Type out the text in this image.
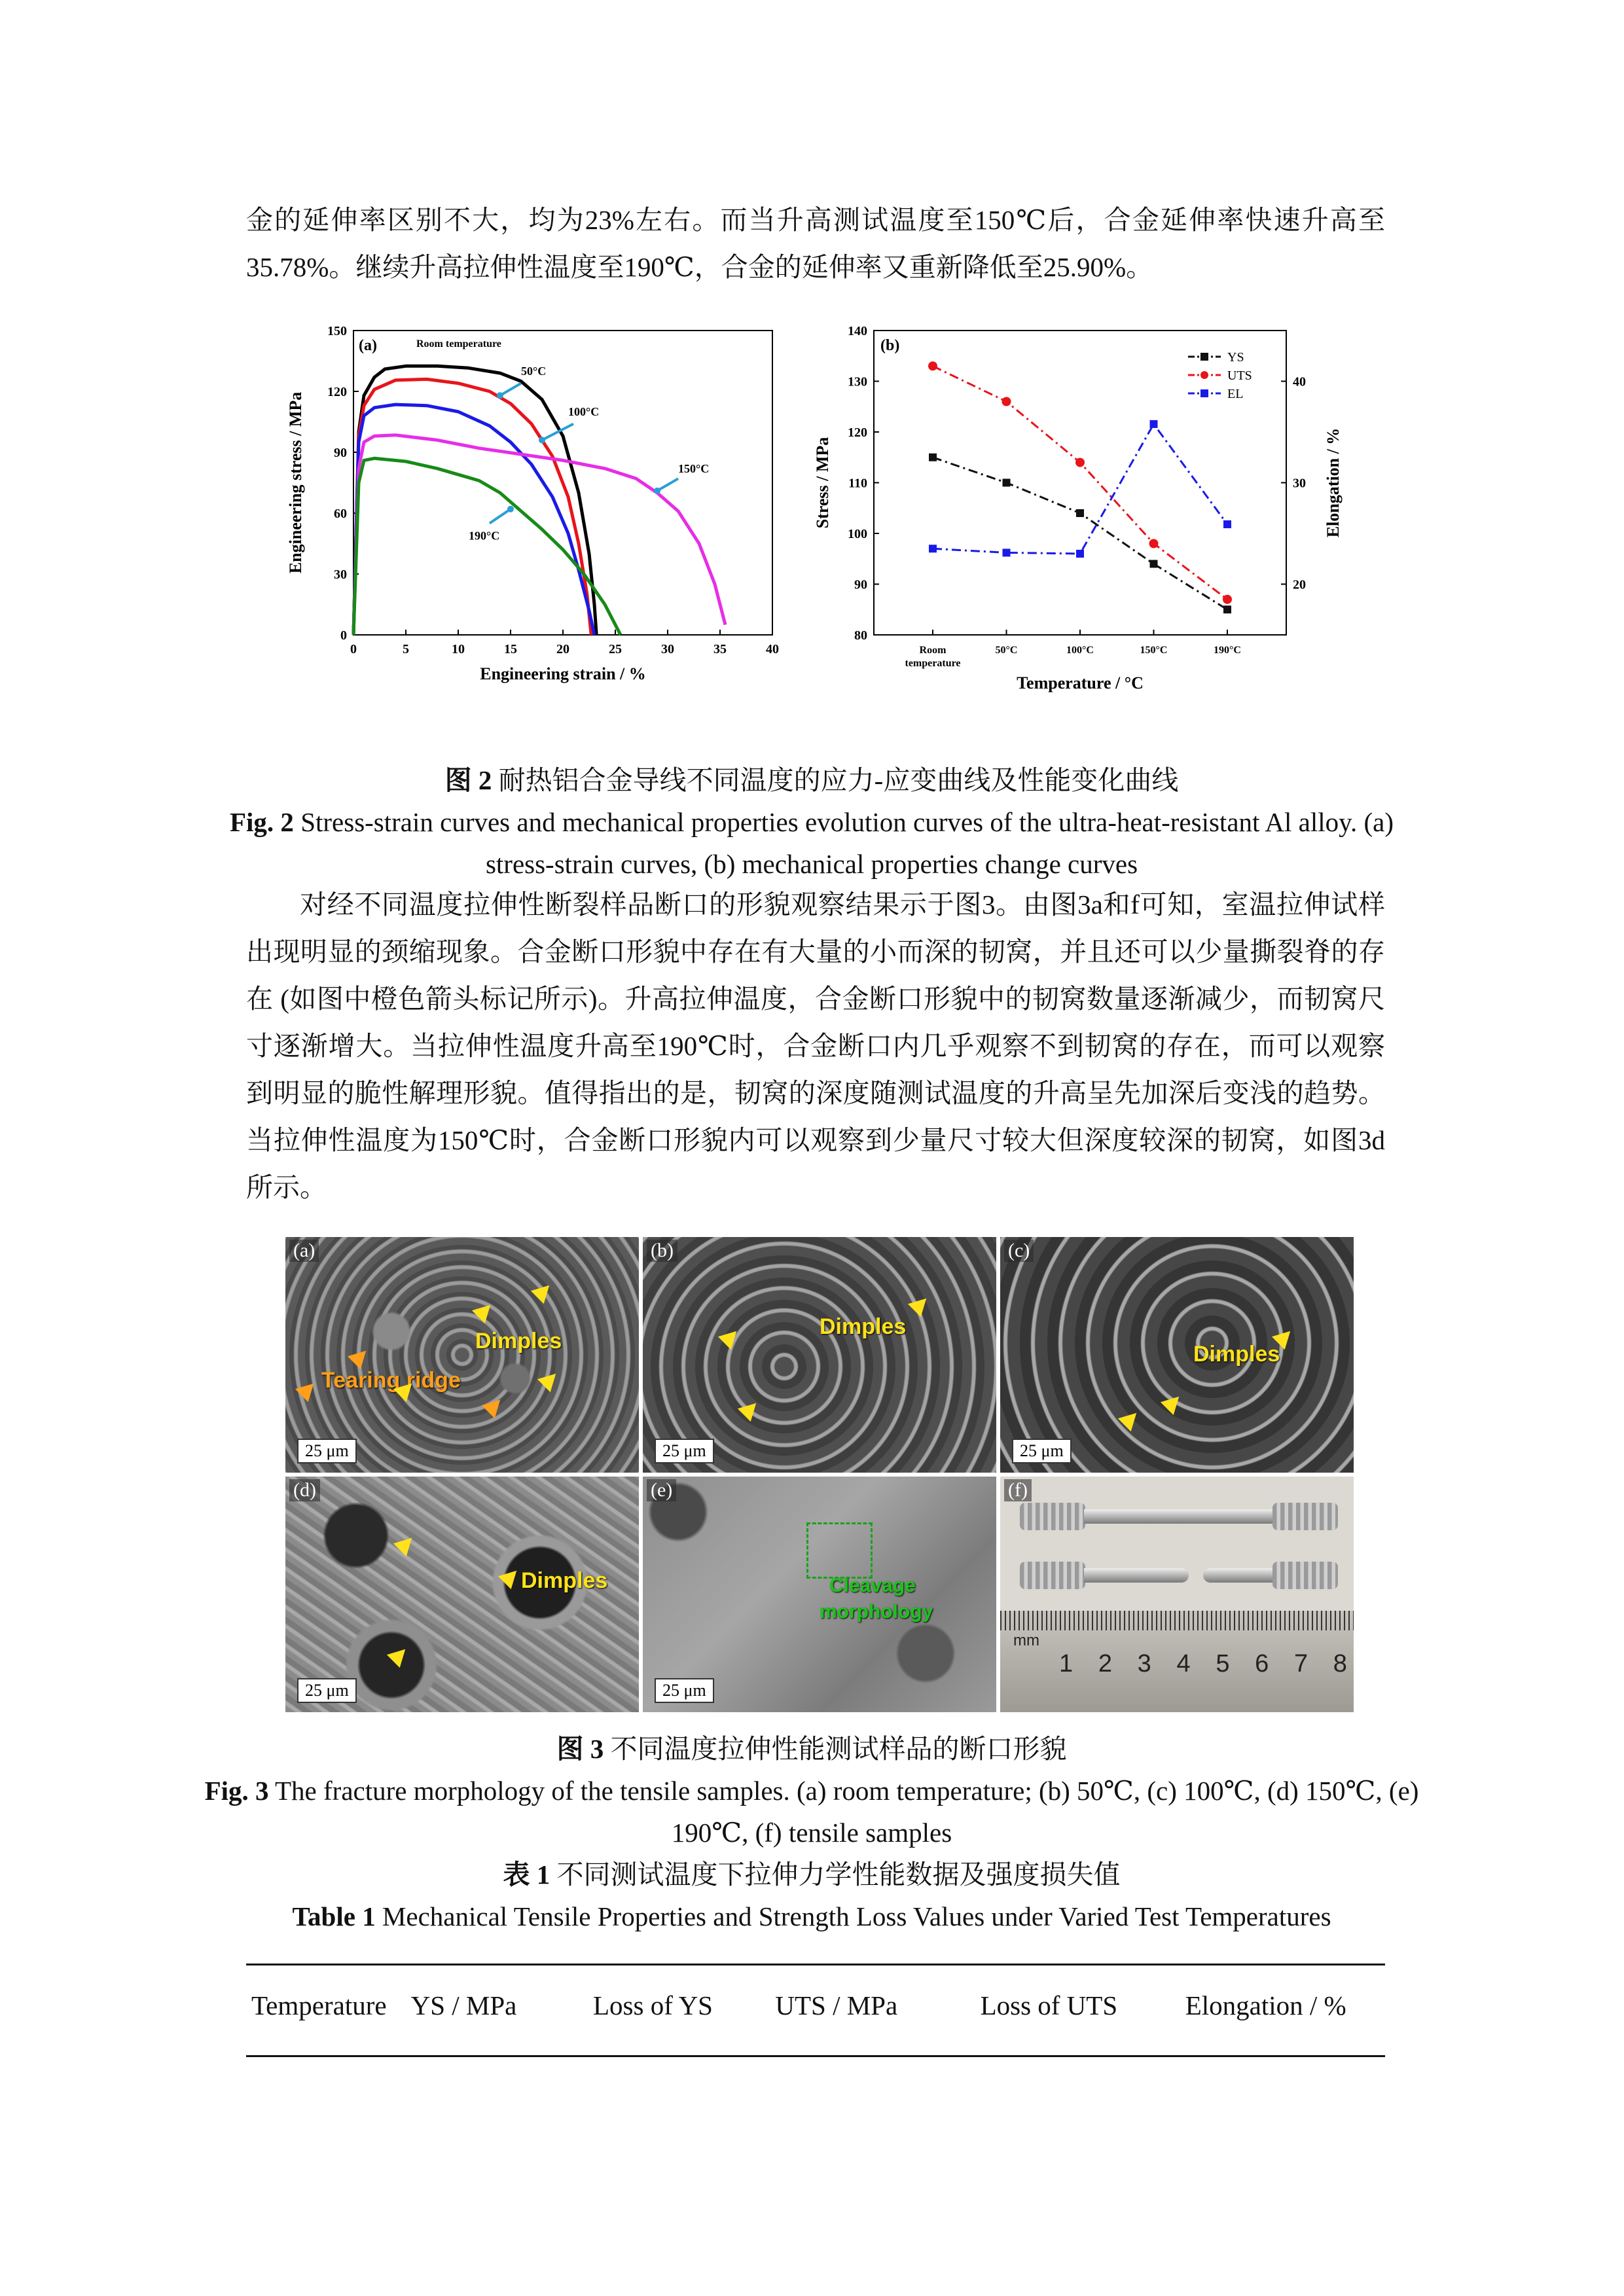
金的延伸率区别不大，均为23%左右。而当升高测试温度至150℃后，合金延伸率快速升高至35.78%。继续升高拉伸性温度至190℃，合金的延伸率又重新降低至25.90%。

0	5	10	15	20	25	30	35	40
0
30
60
90
120
150
Engineering strain / %
Engineering stress / MPa
(a)	Room temperature
50°C
100°C
150°C
190°C
80
90
100
110
120
130
140
20
30
40
Room
temperature
50°C	100°C	150°C	190°C
Temperature / °C
Stress / MPa	Elongation / %
(b)
YS
UTS
EL

图 2 耐热铝合金导线不同温度的应力-应变曲线及性能变化曲线

Fig. 2 Stress-strain curves and mechanical properties evolution curves of the ultra-heat-resistant Al alloy. (a) stress-strain curves, (b) mechanical properties change curves

对经不同温度拉伸性断裂样品断口的形貌观察结果示于图3。由图3a和f可知，室温拉伸试样出现明显的颈缩现象。合金断口形貌中存在有大量的小而深的韧窝，并且还可以少量撕裂脊的存在 (如图中橙色箭头标记所示)。升高拉伸温度，合金断口形貌中的韧窝数量逐渐减少，而韧窝尺寸逐渐增大。当拉伸性温度升高至190℃时，合金断口内几乎观察不到韧窝的存在，而可以观察到明显的脆性解理形貌。值得指出的是，韧窝的深度随测试温度的升高呈先加深后变浅的趋势。当拉伸性温度为150℃时，合金断口形貌内可以观察到少量尺寸较大但深度较深的韧窝，如图3d所示。

(a)
Dimples
Tearing ridge
25 μm
(b)
Dimples
25 μm
(c)
Dimples
25 μm
(d)
Dimples
25 μm
(e)
Cleavage
morphology
25 μm
(f)
mm
1 2 3 4 5 6 7 8

图 3 不同温度拉伸性能测试样品的断口形貌

Fig. 3 The fracture morphology of the tensile samples. (a) room temperature; (b) 50℃, (c) 100℃, (d) 150℃, (e) 190℃, (f) tensile samples

表 1 不同测试温度下拉伸力学性能数据及强度损失值

Table 1 Mechanical Tensile Properties and Strength Loss Values under Varied Test Temperatures

Temperature	YS / MPa	Loss of YS	UTS / MPa	Loss of UTS	Elongation / %
